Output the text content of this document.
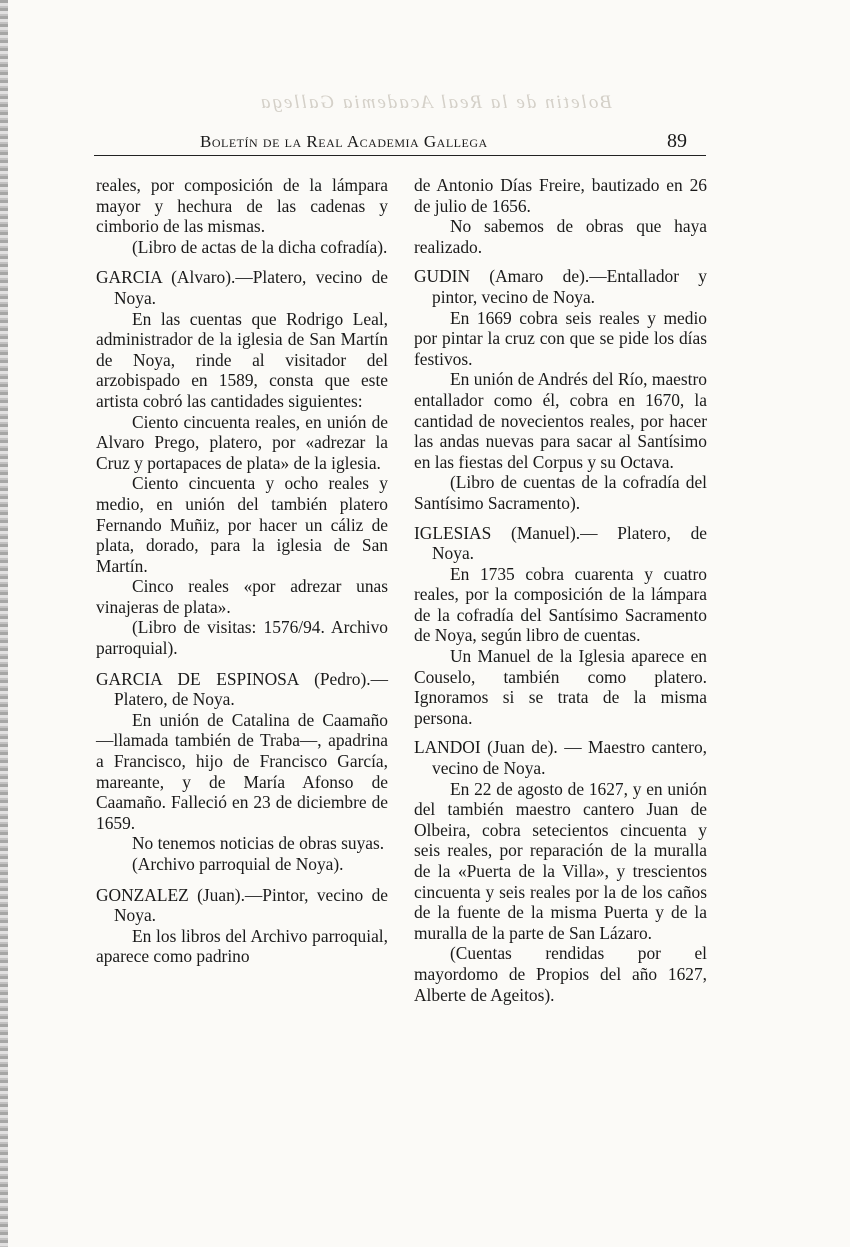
Boletin de la Real Academia Gallega
Boletín de la Real Academia Gallega	89

reales, por composición de la lámpara mayor y hechura de las cadenas y cimborio de las mismas.

(Libro de actas de la dicha cofradía).

GARCIA (Alvaro).—Platero, vecino de Noya.

En las cuentas que Rodrigo Leal, administrador de la iglesia de San Martín de Noya, rinde al visitador del arzobispado en 1589, consta que este artista cobró las cantidades siguientes:

Ciento cincuenta reales, en unión de Alvaro Prego, platero, por «adrezar la Cruz y portapaces de plata» de la iglesia.

Ciento cincuenta y ocho reales y medio, en unión del también platero Fernando Muñiz, por hacer un cáliz de plata, dorado, para la iglesia de San Martín.

Cinco reales «por adrezar unas vinajeras de plata».

(Libro de visitas: 1576/94. Archivo parroquial).

GARCIA DE ESPINOSA (Pedro).—Platero, de Noya.

En unión de Catalina de Caamaño —llamada también de Traba—, apadrina a Francisco, hijo de Francisco García, mareante, y de María Afonso de Caamaño. Falleció en 23 de diciembre de 1659.

No tenemos noticias de obras suyas.

(Archivo parroquial de Noya).

GONZALEZ (Juan).—Pintor, vecino de Noya.

En los libros del Archivo parroquial, aparece como padrino

de Antonio Días Freire, bautizado en 26 de julio de 1656.

No sabemos de obras que haya realizado.

GUDIN (Amaro de).—Entallador y pintor, vecino de Noya.

En 1669 cobra seis reales y medio por pintar la cruz con que se pide los días festivos.

En unión de Andrés del Río, maestro entallador como él, cobra en 1670, la cantidad de novecientos reales, por hacer las andas nuevas para sacar al Santísimo en las fiestas del Corpus y su Octava.

(Libro de cuentas de la cofradía del Santísimo Sacramento).

IGLESIAS (Manuel).— Platero, de Noya.

En 1735 cobra cuarenta y cuatro reales, por la composición de la lámpara de la cofradía del Santísimo Sacramento de Noya, según libro de cuentas.

Un Manuel de la Iglesia aparece en Couselo, también como platero. Ignoramos si se trata de la misma persona.

LANDOI (Juan de). — Maestro cantero, vecino de Noya.

En 22 de agosto de 1627, y en unión del también maestro cantero Juan de Olbeira, cobra setecientos cincuenta y seis reales, por reparación de la muralla de la «Puerta de la Villa», y trescientos cincuenta y seis reales por la de los caños de la fuente de la misma Puerta y de la muralla de la parte de San Lázaro.

(Cuentas rendidas por el mayordomo de Propios del año 1627, Alberte de Ageitos).
